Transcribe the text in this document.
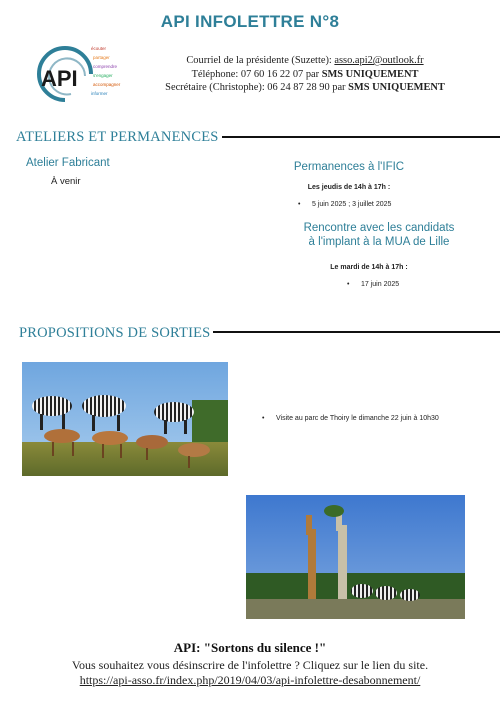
API INFOLETTRE N°8
API
écouter
partager
comprendre
s'engager
accompagner
informer
Courriel de la présidente (Suzette): asso.api2@outlook.fr
Téléphone: 07 60 16 22 07 par SMS UNIQUEMENT
Secrétaire (Christophe): 06 24 87 28 90 par SMS UNIQUEMENT
ATELIERS ET PERMANENCES
Atelier Fabricant
À venir
Permanences à l'IFIC
Les jeudis de 14h à 17h :
• 5 juin 2025 ; 3 juillet 2025
Rencontre avec les candidats
à l'implant à la MUA de Lille
Le mardi de 14h à 17h :
• 17 juin 2025
PROPOSITIONS DE SORTIES
• Visite au parc de Thoiry le dimanche 22 juin à 10h30
API: "Sortons du silence !"
Vous souhaitez vous désinscrire de l'infolettre ? Cliquez sur le lien du site.
https://api-asso.fr/index.php/2019/04/03/api-infolettre-desabonnement/
